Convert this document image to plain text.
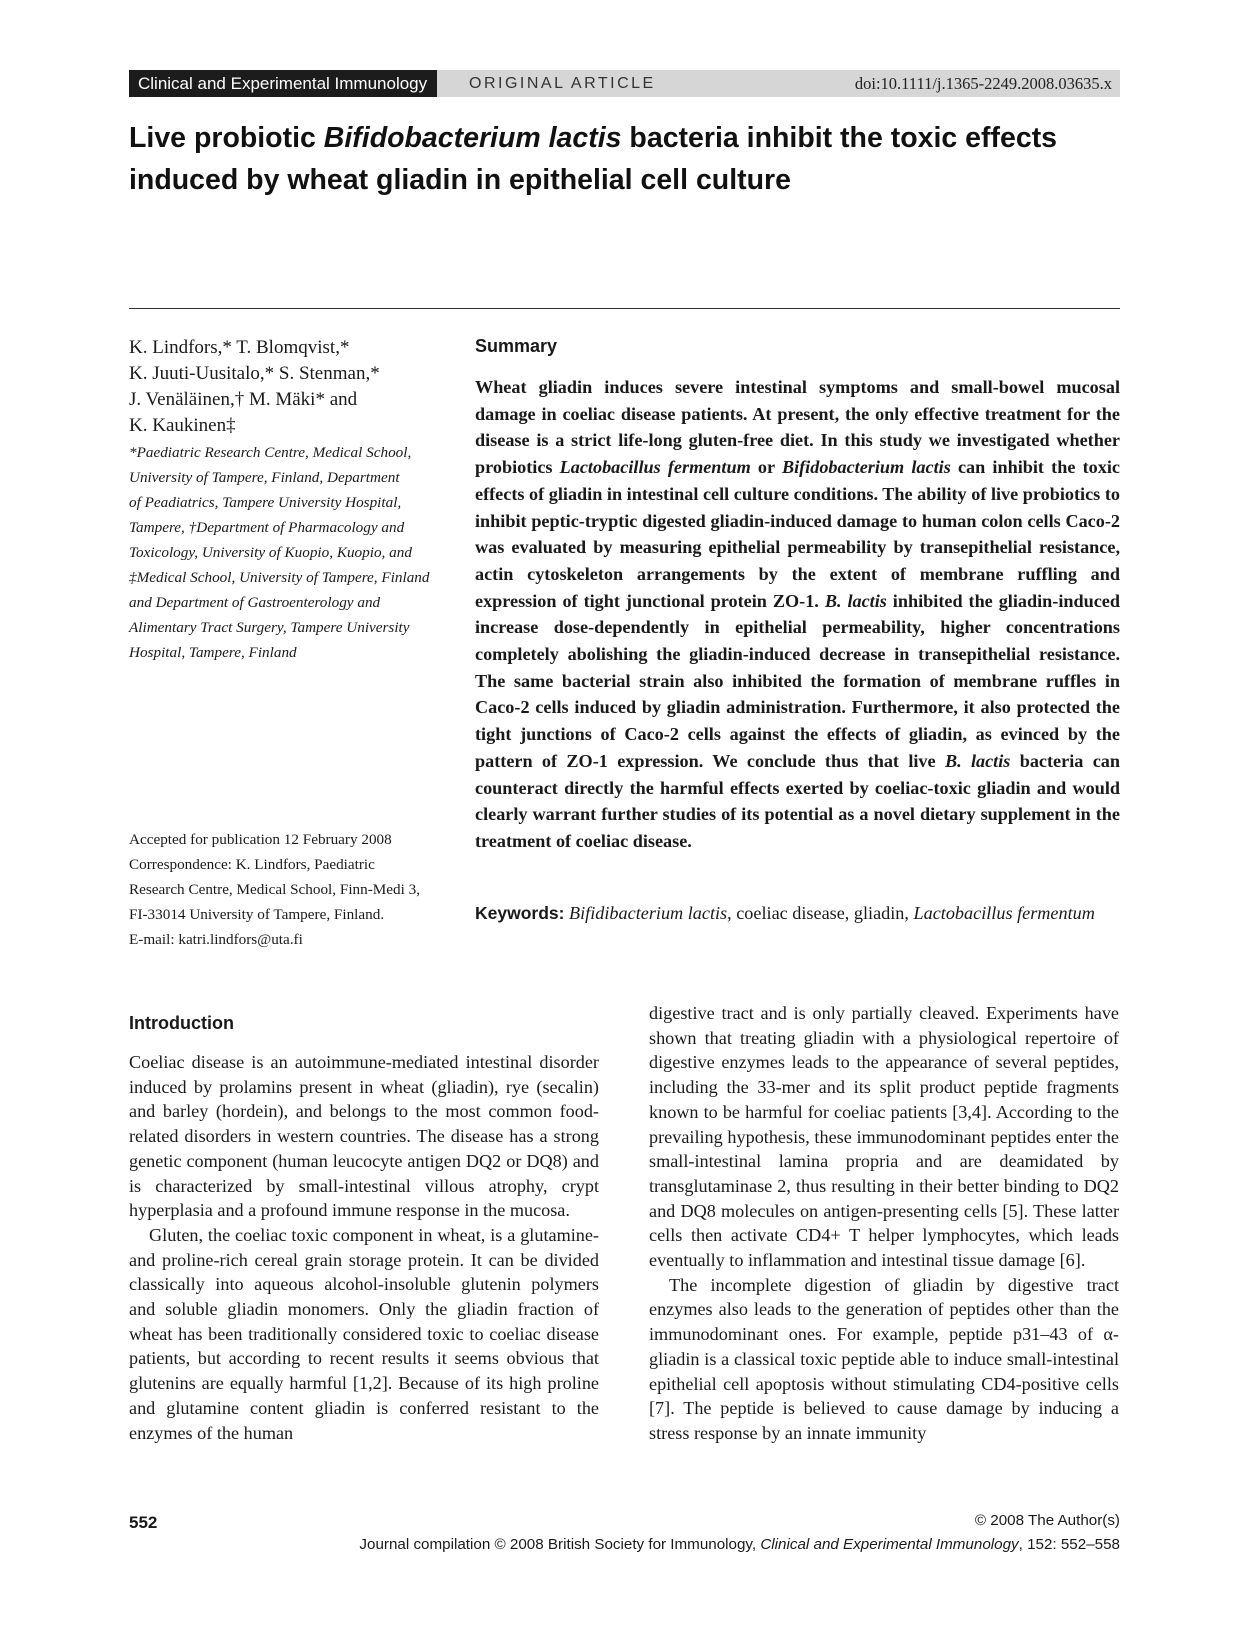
Clinical and Experimental Immunology	ORIGINAL ARTICLE	doi:10.1111/j.1365-2249.2008.03635.x
Live probiotic Bifidobacterium lactis bacteria inhibit the toxic effects induced by wheat gliadin in epithelial cell culture
K. Lindfors,* T. Blomqvist,*
K. Juuti-Uusitalo,* S. Stenman,*
J. Venäläinen,† M. Mäki* and
K. Kaukinen‡
*Paediatric Research Centre, Medical School,
University of Tampere, Finland, Department
of Peadiatrics, Tampere University Hospital,
Tampere, †Department of Pharmacology and
Toxicology, University of Kuopio, Kuopio, and
‡Medical School, University of Tampere, Finland
and Department of Gastroenterology and
Alimentary Tract Surgery, Tampere University
Hospital, Tampere, Finland
Accepted for publication 12 February 2008
Correspondence: K. Lindfors, Paediatric
Research Centre, Medical School, Finn-Medi 3,
FI-33014 University of Tampere, Finland.
E-mail: katri.lindfors@uta.fi
Summary

Wheat gliadin induces severe intestinal symptoms and small-bowel mucosal damage in coeliac disease patients. At present, the only effective treatment for the disease is a strict life-long gluten-free diet. In this study we investigated whether probiotics Lactobacillus fermentum or Bifidobacterium lactis can inhibit the toxic effects of gliadin in intestinal cell culture conditions. The ability of live probiotics to inhibit peptic-tryptic digested gliadin-induced damage to human colon cells Caco-2 was evaluated by measuring epithelial permeability by transepithelial resistance, actin cytoskeleton arrangements by the extent of membrane ruffling and expression of tight junctional protein ZO-1. B. lactis inhibited the gliadin-induced increase dose-dependently in epithelial permeability, higher concentrations completely abolishing the gliadin-induced decrease in transepithelial resistance. The same bacterial strain also inhibited the formation of membrane ruffles in Caco-2 cells induced by gliadin administration. Furthermore, it also protected the tight junctions of Caco-2 cells against the effects of gliadin, as evinced by the pattern of ZO-1 expression. We conclude thus that live B. lactis bacteria can counteract directly the harmful effects exerted by coeliac-toxic gliadin and would clearly warrant further studies of its potential as a novel dietary supplement in the treatment of coeliac disease.

Keywords: Bifidibacterium lactis, coeliac disease, gliadin, Lactobacillus fermentum

Introduction

Coeliac disease is an autoimmune-mediated intestinal disorder induced by prolamins present in wheat (gliadin), rye (secalin) and barley (hordein), and belongs to the most common food-related disorders in western countries. The disease has a strong genetic component (human leucocyte antigen DQ2 or DQ8) and is characterized by small-intestinal villous atrophy, crypt hyperplasia and a profound immune response in the mucosa.

Gluten, the coeliac toxic component in wheat, is a glutamine- and proline-rich cereal grain storage protein. It can be divided classically into aqueous alcohol-insoluble glutenin polymers and soluble gliadin monomers. Only the gliadin fraction of wheat has been traditionally considered toxic to coeliac disease patients, but according to recent results it seems obvious that glutenins are equally harmful [1,2]. Because of its high proline and glutamine content gliadin is conferred resistant to the enzymes of the human

digestive tract and is only partially cleaved. Experiments have shown that treating gliadin with a physiological repertoire of digestive enzymes leads to the appearance of several peptides, including the 33-mer and its split product peptide fragments known to be harmful for coeliac patients [3,4]. According to the prevailing hypothesis, these immunodominant peptides enter the small-intestinal lamina propria and are deamidated by transglutaminase 2, thus resulting in their better binding to DQ2 and DQ8 molecules on antigen-presenting cells [5]. These latter cells then activate CD4+ T helper lymphocytes, which leads eventually to inflammation and intestinal tissue damage [6].

The incomplete digestion of gliadin by digestive tract enzymes also leads to the generation of peptides other than the immunodominant ones. For example, peptide p31–43 of α-gliadin is a classical toxic peptide able to induce small-intestinal epithelial cell apoptosis without stimulating CD4-positive cells [7]. The peptide is believed to cause damage by inducing a stress response by an innate immunity

552	© 2008 The Author(s)
Journal compilation © 2008 British Society for Immunology, Clinical and Experimental Immunology, 152: 552–558
